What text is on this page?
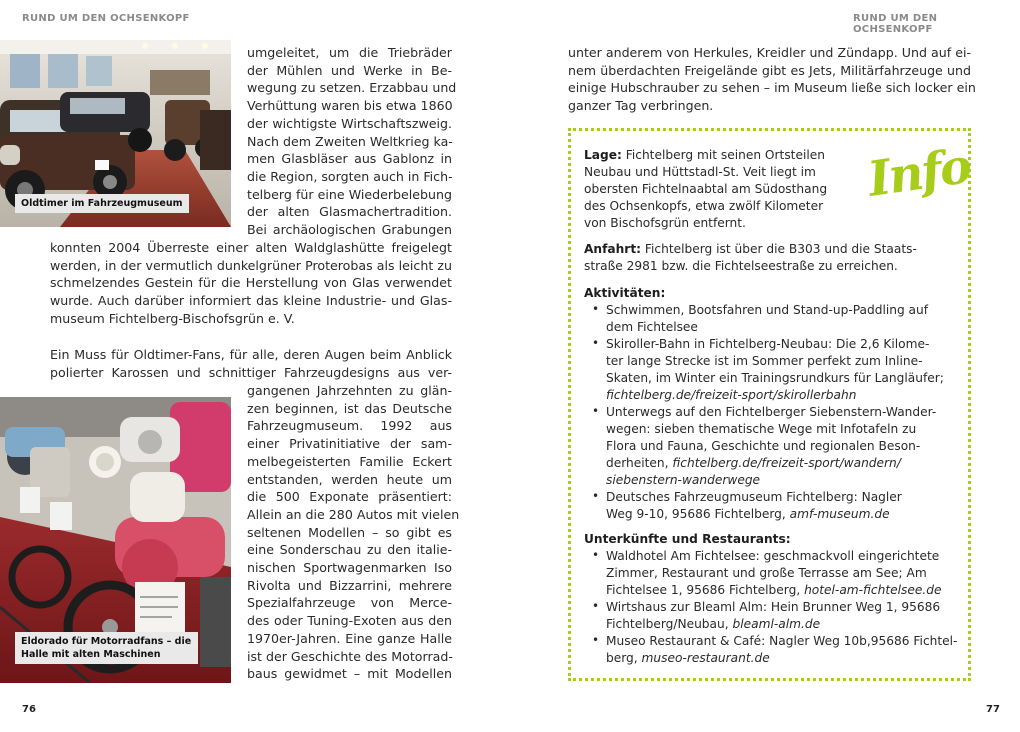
RUND UM DEN OCHSENKOPF
Oldtimer im Fahrzeugmuseum
umgeleitet, um die Triebräder
der Mühlen und Werke in Be-
wegung zu setzen. Erzabbau und
Verhüttung waren bis etwa 1860
der wichtigste Wirtschaftszweig.
Nach dem Zweiten Weltkrieg ka-
men Glasbläser aus Gablonz in
die Region, sorgten auch in Fich-
telberg für eine Wiederbelebung
der alten Glasmachertradition.
Bei archäologischen Grabungen
konnten 2004 Überreste einer alten Waldglashütte freigelegt
werden, in der vermutlich dunkelgrüner Proterobas als leicht zu
schmelzendes Gestein für die Herstellung von Glas verwendet
wurde. Auch darüber informiert das kleine Industrie- und Glas-
museum Fichtelberg-Bischofsgrün e. V.
Ein Muss für Oldtimer-Fans, für alle, deren Augen beim Anblick
polierter Karossen und schnittiger Fahrzeugdesigns aus ver-
Eldorado für Motorradfans – die
Halle mit alten Maschinen
gangenen Jahrzehnten zu glän-
zen beginnen, ist das Deutsche
Fahrzeugmuseum. 1992 aus
einer Privatinitiative der sam-
melbegeisterten Familie Eckert
entstanden, werden heute um
die 500 Exponate präsentiert:
Allein an die 280 Autos mit vielen
seltenen Modellen – so gibt es
eine Sonderschau zu den italie-
nischen Sportwagenmarken Iso
Rivolta und Bizzarrini, mehrere
Spezialfahrzeuge von Merce-
des oder Tuning-Exoten aus den
1970er-Jahren. Eine ganze Halle
ist der Geschichte des Motorrad-
baus gewidmet – mit Modellen
76
RUND UM DEN OCHSENKOPF
unter anderem von Herkules, Kreidler und Zündapp. Und auf ei-
nem überdachten Freigelände gibt es Jets, Militärfahrzeuge und
einige Hubschrauber zu sehen – im Museum ließe sich locker ein
ganzer Tag verbringen.
Info
Lage: Fichtelberg mit seinen Ortsteilen
Neubau und Hüttstadl-St. Veit liegt im
obersten Fichtelnaabtal am Südosthang
des Ochsenkopfs, etwa zwölf Kilometer
von Bischofsgrün entfernt.
Anfahrt: Fichtelberg ist über die B303 und die Staats-
straße 2981 bzw. die Fichtelseestraße zu erreichen.
Aktivitäten:
• Schwimmen, Bootsfahren und Stand-up-Paddling auf
dem Fichtelsee
• Skiroller-Bahn in Fichtelberg-Neubau: Die 2,6 Kilome-
ter lange Strecke ist im Sommer perfekt zum Inline-
Skaten, im Winter ein Trainingsrundkurs für Langläufer;
fichtelberg.de/freizeit-sport/skirollerbahn
• Unterwegs auf den Fichtelberger Siebenstern-Wander-
wegen: sieben thematische Wege mit Infotafeln zu
Flora und Fauna, Geschichte und regionalen Beson-
derheiten, fichtelberg.de/freizeit-sport/wandern/
siebenstern-wanderwege
• Deutsches Fahrzeugmuseum Fichtelberg: Nagler
Weg 9-10, 95686 Fichtelberg, amf-museum.de
Unterkünfte und Restaurants:
• Waldhotel Am Fichtelsee: geschmackvoll eingerichtete
Zimmer, Restaurant und große Terrasse am See; Am
Fichtelsee 1, 95686 Fichtelberg, hotel-am-fichtelsee.de
• Wirtshaus zur Bleaml Alm: Hein Brunner Weg 1, 95686
Fichtelberg/Neubau, bleaml-alm.de
• Museo Restaurant & Café: Nagler Weg 10b,95686 Fichtel-
berg, museo-restaurant.de
77
